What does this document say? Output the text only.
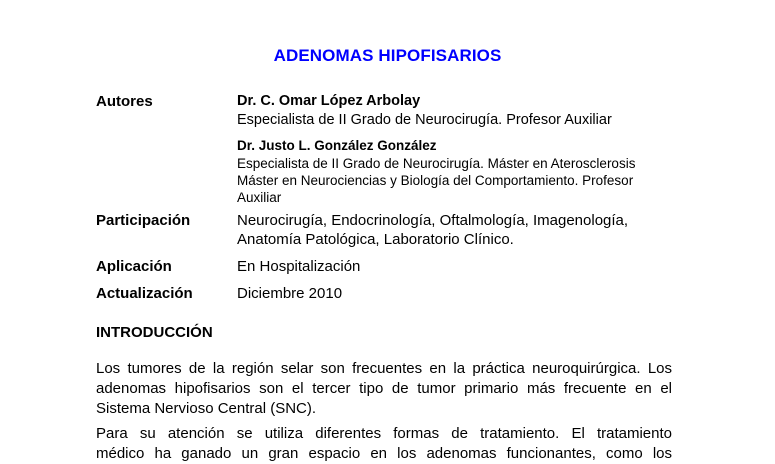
ADENOMAS HIPOFISARIOS
Autores	Dr. C. Omar López Arbolay
Especialista de II Grado de Neurocirugía. Profesor Auxiliar
Dr. Justo L. González González
Especialista de II Grado de Neurocirugía. Máster en Aterosclerosis
Máster en Neurociencias y Biología del Comportamiento. Profesor
Auxiliar
Participación	Neurocirugía, Endocrinología, Oftalmología, Imagenología,
Anatomía Patológica, Laboratorio Clínico.
Aplicación	En Hospitalización
Actualización	Diciembre 2010
INTRODUCCIÓN
Los tumores de la región selar son frecuentes en la práctica neuroquirúrgica. Los
adenomas hipofisarios son el tercer tipo de tumor primario más frecuente en el
Sistema Nervioso Central (SNC).
Para su atención se utiliza diferentes formas de tratamiento. El tratamiento
médico ha ganado un gran espacio en los adenomas funcionantes, como los
